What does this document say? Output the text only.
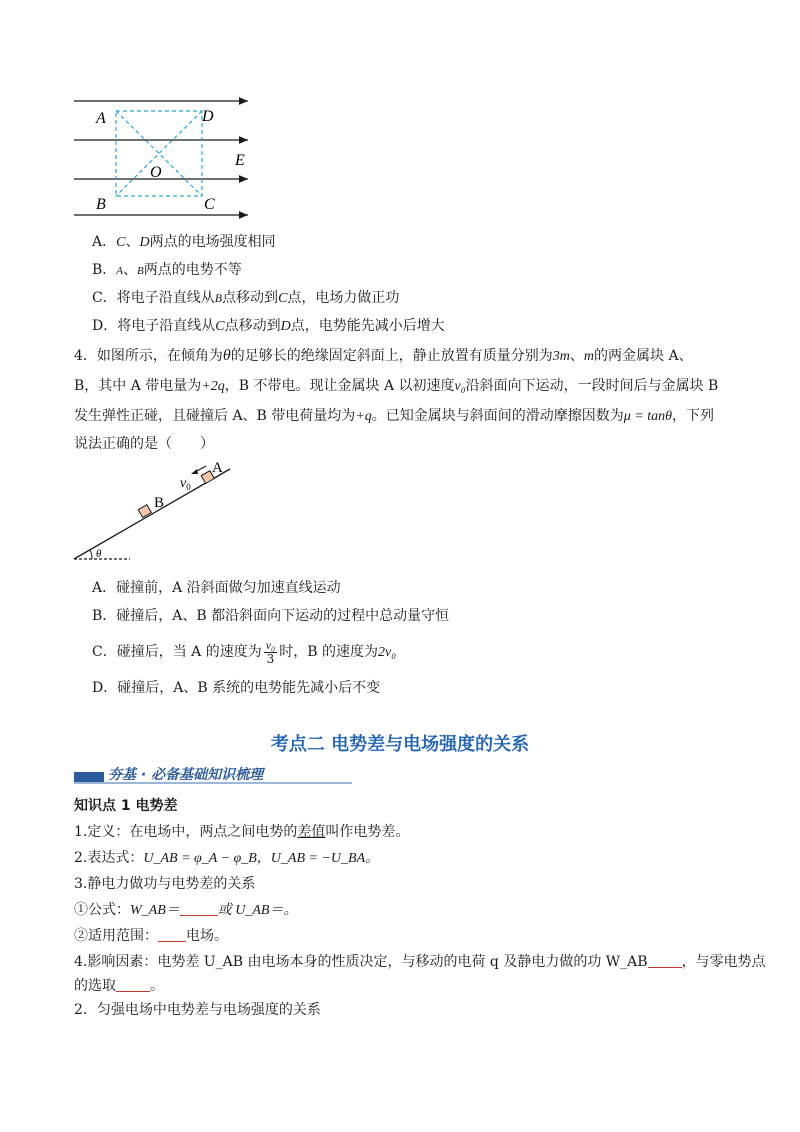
A	D
O
E
B	C
A．C、D两点的电场强度相同
B．A、B两点的电势不等
C．将电子沿直线从B点移动到C点，电场力做正功
D．将电子沿直线从C点移动到D点，电势能先减小后增大
4．如图所示，在倾角为θ的足够长的绝缘固定斜面上，静止放置有质量分别为3m、m的两金属块 A、
B，其中 A 带电量为+2q，B 不带电。现让金属块 A 以初速度v₀沿斜面向下运动，一段时间后与金属块 B
发生弹性正碰，且碰撞后 A、B 带电荷量均为+q。已知金属块与斜面间的滑动摩擦因数为μ = tanθ，下列
说法正确的是（　　）
θ
B
A
$v_0$
A．碰撞前，A 沿斜面做匀加速直线运动
B．碰撞后，A、B 都沿斜面向下运动的过程中总动量守恒
C．碰撞后，当 A 的速度为 $\frac{\text{v₀}}{3}$ 时，B 的速度为2v₀
D．碰撞后，A、B 系统的电势能先减小后不变
考点二 电势差与电场强度的关系
夯基 · 必备基础知识梳理
知识点 1 电势差
1.定义：在电场中，两点之间电势的差值叫作电势差。
2.表达式：U_AB = φ_A − φ_B，U_AB = −U_BA。
3.静电力做功与电势差的关系
①公式：W_AB＝	或 U_AB＝。
②适用范围： 电场。
4.影响因素：电势差 U_AB 由电场本身的性质决定，与移动的电荷 q 及静电力做的功 W_AB ，与零电势点
的选取 。
2．匀强电场中电势差与电场强度的关系
